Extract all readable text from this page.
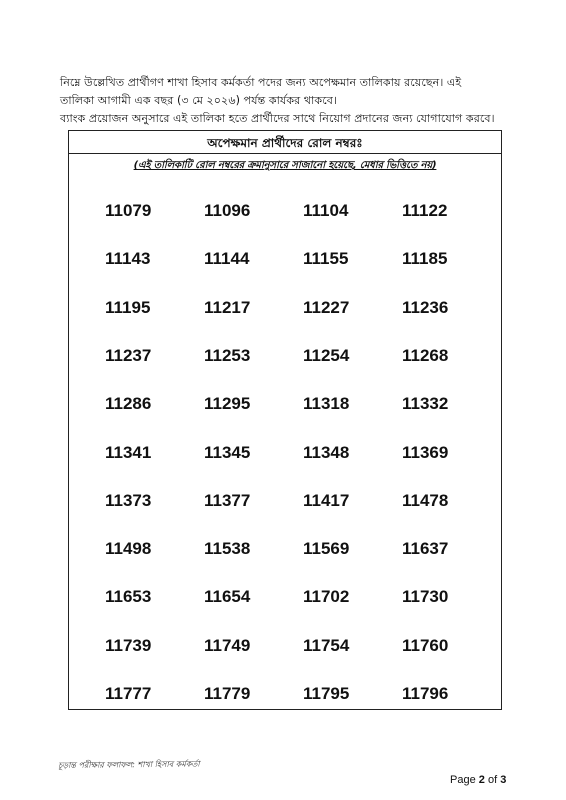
নিম্নে উল্লেখিত প্রার্থীগণ শাখা হিসাব কর্মকর্তা পদের জন্য অপেক্ষমান তালিকায় রয়েছেন। এই

তালিকা আগামী এক বছর (৩ মে ২০২৬) পর্যন্ত কার্যকর থাকবে।

ব্যাংক প্রয়োজন অনুসারে এই তালিকা হতে প্রার্থীদের সাথে নিয়োগ প্রদানের জন্য যোগাযোগ করবে।

অপেক্ষমান প্রার্থীদের রোল নম্বরঃ
(এই তালিকাটি রোল নম্বরের ক্রমানুসারে সাজানো হয়েছে, মেধার ভিত্তিতে নয়)
11079	11096	11104	11122
11143	11144	11155	11185
11195	11217	11227	11236
11237	11253	11254	11268
11286	11295	11318	11332
11341	11345	11348	11369
11373	11377	11417	11478
11498	11538	11569	11637
11653	11654	11702	11730
11739	11749	11754	11760
11777	11779	11795	11796
চূড়ান্ত পরীক্ষার ফলাফল: শাখা হিসাব কর্মকর্তা
Page 2 of 3
